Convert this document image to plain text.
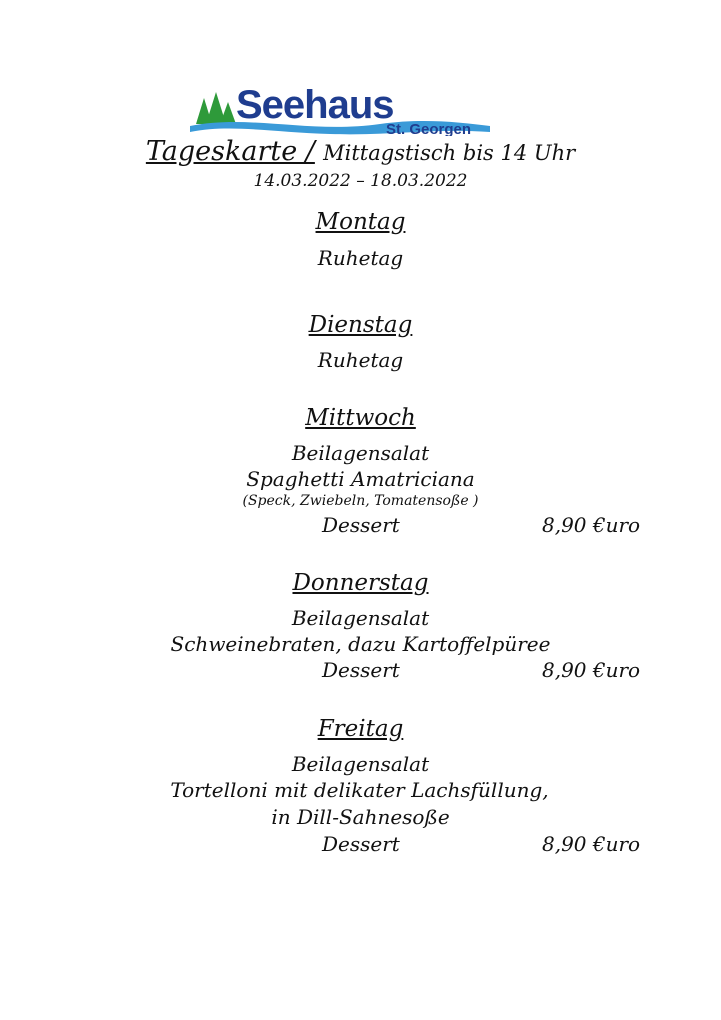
Seehaus
St. Georgen
Tageskarte / Mittagstisch bis 14 Uhr
14.03.2022 – 18.03.2022
Montag
Ruhetag
Dienstag
Ruhetag
Mittwoch
Beilagensalat
Spaghetti Amatriciana
(Speck, Zwiebeln, Tomatensoße )
Dessert	8,90 €uro
Donnerstag
Beilagensalat
Schweinebraten, dazu Kartoffelpüree
Dessert	8,90 €uro
Freitag
Beilagensalat
Tortelloni mit delikater Lachsfüllung,
in Dill-Sahnesoße
Dessert	8,90 €uro
